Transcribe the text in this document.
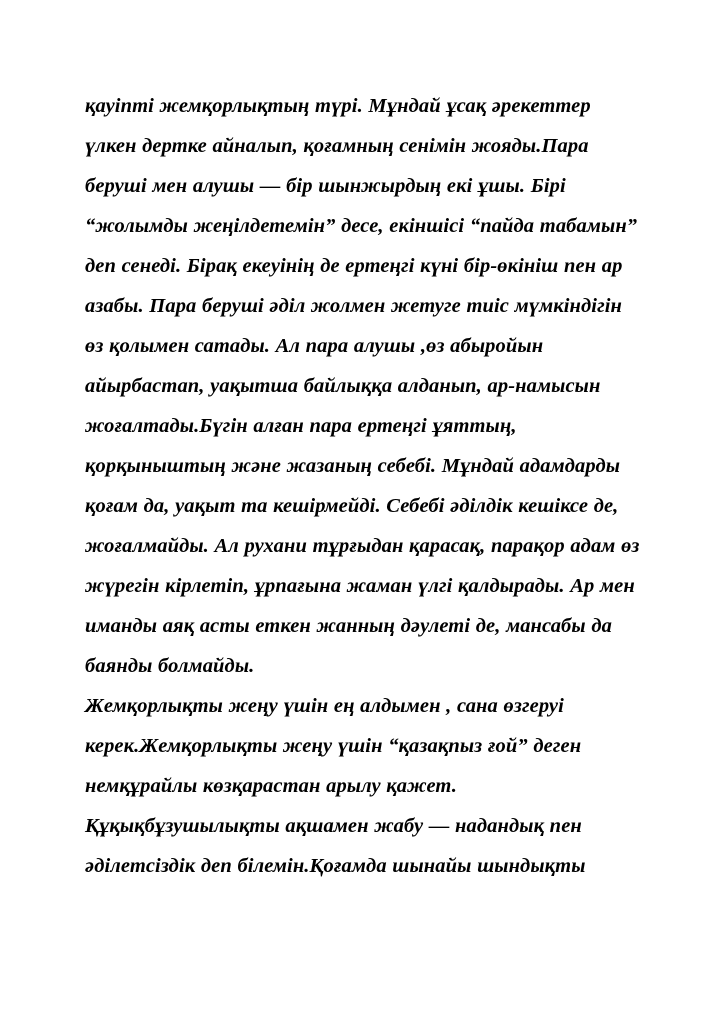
қауіпті жемқорлықтың түрі. Мұндай ұсақ әрекеттер үлкен дертке айналып, қоғамның сенімін жояды.Пара беруші мен алушы — бір шынжырдың екі ұшы. Бірі “жолымды жеңілдетемін” десе, екіншісі “пайда табамын” деп сенеді. Бірақ екеуінің де ертеңгі күні бір-өкініш пен ар азабы. Пара беруші әділ жолмен жетуге тиіс мүмкіндігін өз қолымен сатады. Ал пара алушы ,өз абыройын айырбастап, уақытша байлыққа алданып, ар-намысын жоғалтады.Бүгін алған пара ертеңгі ұяттың, қорқыныштың және жазаның себебі. Мұндай адамдарды қоғам да, уақыт та кешірмейді. Себебі әділдік кешіксе де, жоғалмайды. Ал рухани тұрғыдан қарасақ, парақор адам өз жүрегін кірлетіп, ұрпағына жаман үлгі қалдырады. Ар мен иманды аяқ асты еткен жанның дәулеті де, мансабы да баянды болмайды.

Жемқорлықты жеңу үшін ең алдымен , сана өзгеруі керек.Жемқорлықты жеңу үшін “қазақпыз ғой” деген немқұрайлы көзқарастан арылу қажет.

Құқықбұзушылықты ақшамен жабу — надандық пен әділетсіздік деп білемін.Қоғамда шынайы шындықты
